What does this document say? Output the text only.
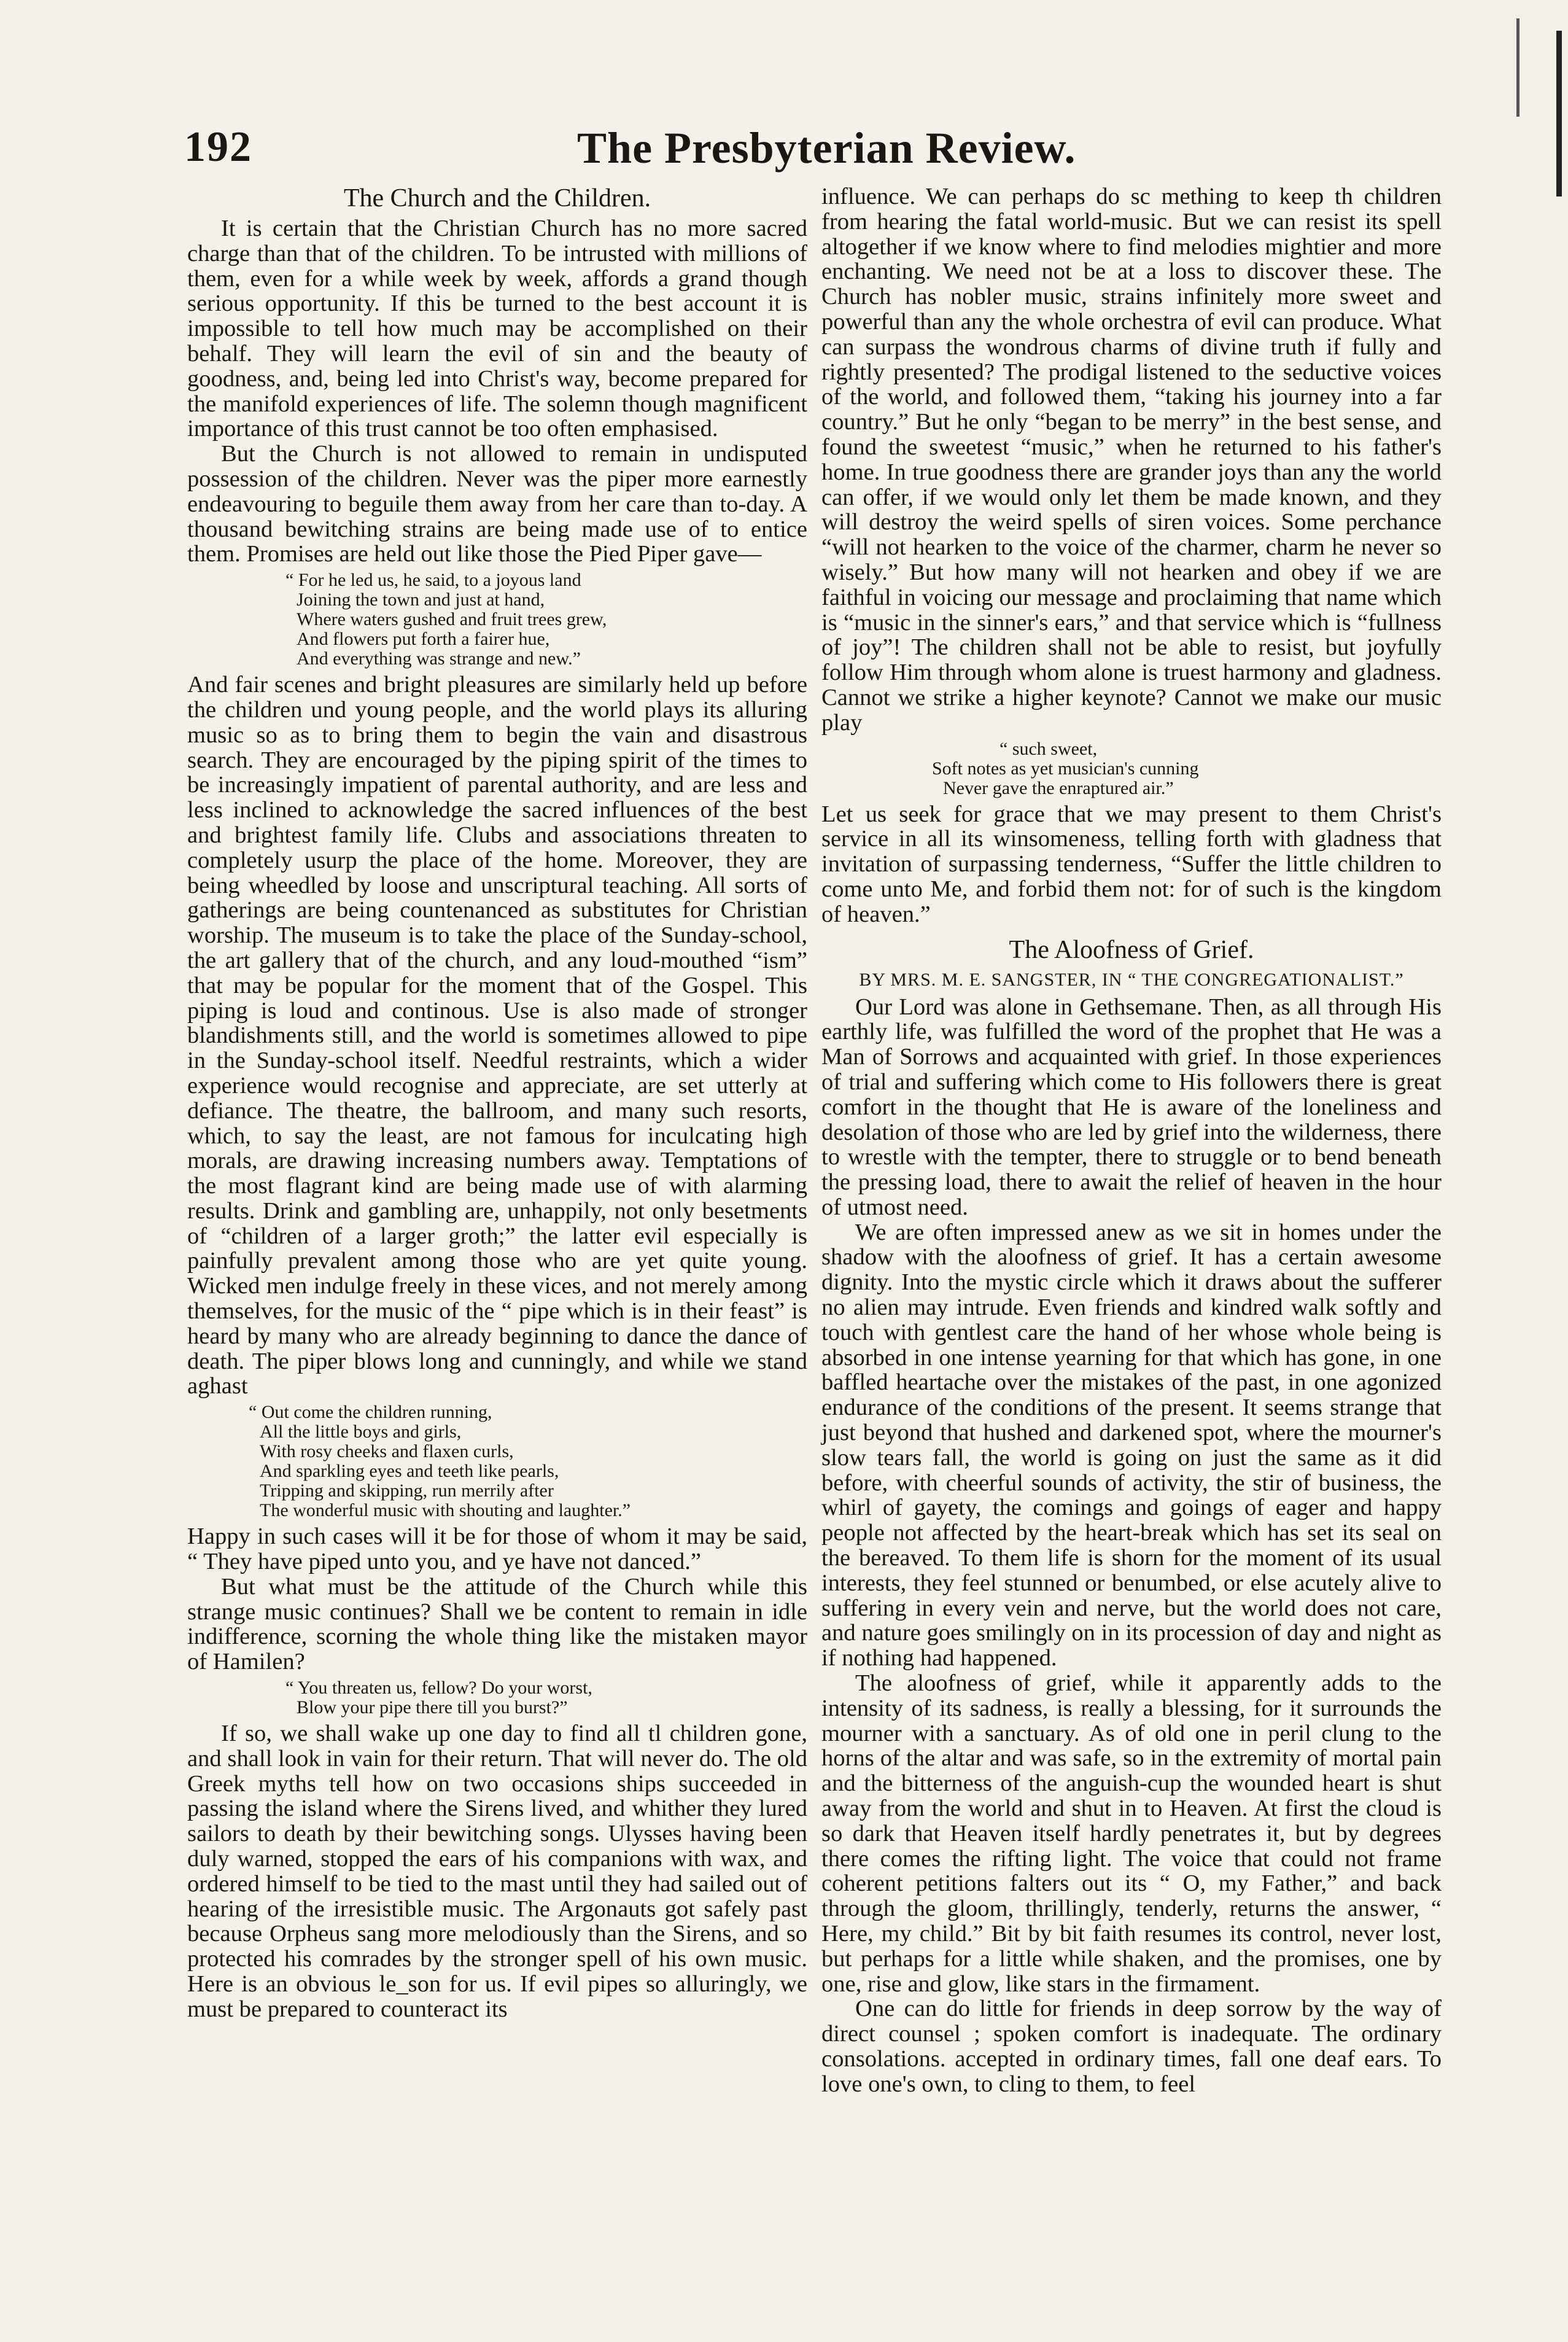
192	The Presbyterian Review.
The Church and the Children.

It is certain that the Christian Church has no more sacred charge than that of the children. To be intrusted with millions of them, even for a while week by week, affords a grand though serious opportunity. If this be turned to the best account it is impossible to tell how much may be accomplished on their behalf. They will learn the evil of sin and the beauty of goodness, and, being led into Christ's way, become prepared for the manifold experiences of life. The solemn though magnificent importance of this trust cannot be too often emphasised.

But the Church is not allowed to remain in undisputed possession of the children. Never was the piper more earnestly endeavouring to beguile them away from her care than to-day. A thousand bewitching strains are being made use of to entice them. Promises are held out like those the Pied Piper gave—

“ For he led us, he said, to a joyous land
Joining the town and just at hand,
Where waters gushed and fruit trees grew,
And flowers put forth a fairer hue,
And everything was strange and new.”

And fair scenes and bright pleasures are similarly held up before the children und young people, and the world plays its alluring music so as to bring them to begin the vain and disastrous search. They are encouraged by the piping spirit of the times to be increasingly impatient of parental authority, and are less and less inclined to acknowledge the sacred influences of the best and brightest family life. Clubs and associations threaten to completely usurp the place of the home. Moreover, they are being wheedled by loose and unscriptural teaching. All sorts of gatherings are being countenanced as substitutes for Christian worship. The museum is to take the place of the Sunday-school, the art gallery that of the church, and any loud-mouthed “ism” that may be popular for the moment that of the Gospel. This piping is loud and continous. Use is also made of stronger blandishments still, and the world is sometimes allowed to pipe in the Sunday-school itself. Needful restraints, which a wider experience would recognise and appreciate, are set utterly at defiance. The theatre, the ballroom, and many such resorts, which, to say the least, are not famous for inculcating high morals, are drawing increasing numbers away. Temptations of the most flagrant kind are being made use of with alarming results. Drink and gambling are, unhappily, not only besetments of “children of a larger groth;” the latter evil especially is painfully prevalent among those who are yet quite young. Wicked men indulge freely in these vices, and not merely among themselves, for the music of the “ pipe which is in their feast” is heard by many who are already beginning to dance the dance of death. The piper blows long and cunningly, and while we stand aghast

“ Out come the children running,
All the little boys and girls,
With rosy cheeks and flaxen curls,
And sparkling eyes and teeth like pearls,
Tripping and skipping, run merrily after
The wonderful music with shouting and laughter.”

Happy in such cases will it be for those of whom it may be said, “ They have piped unto you, and ye have not danced.”

But what must be the attitude of the Church while this strange music continues? Shall we be content to remain in idle indifference, scorning the whole thing like the mistaken mayor of Hamilen?

“ You threaten us, fellow? Do your worst,
Blow your pipe there till you burst?”

If so, we shall wake up one day to find all tl children gone, and shall look in vain for their return. That will never do. The old Greek myths tell how on two occasions ships succeeded in passing the island where the Sirens lived, and whither they lured sailors to death by their bewitching songs. Ulysses having been duly warned, stopped the ears of his companions with wax, and ordered himself to be tied to the mast until they had sailed out of hearing of the irresistible music. The Argonauts got safely past because Orpheus sang more melodiously than the Sirens, and so protected his comrades by the stronger spell of his own music. Here is an obvious le_son for us. If evil pipes so alluringly, we must be prepared to counteract its

influence. We can perhaps do sc mething to keep th children from hearing the fatal world-music. But we can resist its spell altogether if we know where to find melodies mightier and more enchanting. We need not be at a loss to discover these. The Church has nobler music, strains infinitely more sweet and powerful than any the whole orchestra of evil can produce. What can surpass the wondrous charms of divine truth if fully and rightly presented? The prodigal listened to the seductive voices of the world, and followed them, “taking his journey into a far country.” But he only “began to be merry” in the best sense, and found the sweetest “music,” when he returned to his father's home. In true goodness there are grander joys than any the world can offer, if we would only let them be made known, and they will destroy the weird spells of siren voices. Some perchance “will not hearken to the voice of the charmer, charm he never so wisely.” But how many will not hearken and obey if we are faithful in voicing our message and proclaiming that name which is “music in the sinner's ears,” and that service which is “fullness of joy”! The children shall not be able to resist, but joyfully follow Him through whom alone is truest harmony and gladness. Cannot we strike a higher keynote? Cannot we make our music play

“ such sweet,
Soft notes as yet musician's cunning
Never gave the enraptured air.”

Let us seek for grace that we may present to them Christ's service in all its winsomeness, telling forth with gladness that invitation of surpassing tenderness, “Suffer the little children to come unto Me, and forbid them not: for of such is the kingdom of heaven.”

The Aloofness of Grief.
BY MRS. M. E. SANGSTER, IN “ THE CONGREGATIONALIST.”

Our Lord was alone in Gethsemane. Then, as all through His earthly life, was fulfilled the word of the prophet that He was a Man of Sorrows and acquainted with grief. In those experiences of trial and suffering which come to His followers there is great comfort in the thought that He is aware of the loneliness and desolation of those who are led by grief into the wilderness, there to wrestle with the tempter, there to struggle or to bend beneath the pressing load, there to await the relief of heaven in the hour of utmost need.

We are often impressed anew as we sit in homes under the shadow with the aloofness of grief. It has a certain awesome dignity. Into the mystic circle which it draws about the sufferer no alien may intrude. Even friends and kindred walk softly and touch with gentlest care the hand of her whose whole being is absorbed in one intense yearning for that which has gone, in one baffled heartache over the mistakes of the past, in one agonized endurance of the conditions of the present. It seems strange that just beyond that hushed and darkened spot, where the mourner's slow tears fall, the world is going on just the same as it did before, with cheerful sounds of activity, the stir of business, the whirl of gayety, the comings and goings of eager and happy people not affected by the heart-break which has set its seal on the bereaved. To them life is shorn for the moment of its usual interests, they feel stunned or benumbed, or else acutely alive to suffering in every vein and nerve, but the world does not care, and nature goes smilingly on in its procession of day and night as if nothing had happened.

The aloofness of grief, while it apparently adds to the intensity of its sadness, is really a blessing, for it surrounds the mourner with a sanctuary. As of old one in peril clung to the horns of the altar and was safe, so in the extremity of mortal pain and the bitterness of the anguish-cup the wounded heart is shut away from the world and shut in to Heaven. At first the cloud is so dark that Heaven itself hardly penetrates it, but by degrees there comes the rifting light. The voice that could not frame coherent petitions falters out its “ O, my Father,” and back through the gloom, thrillingly, tenderly, returns the answer, “ Here, my child.” Bit by bit faith resumes its control, never lost, but perhaps for a little while shaken, and the promises, one by one, rise and glow, like stars in the firmament.

One can do little for friends in deep sorrow by the way of direct counsel ; spoken comfort is inadequate. The ordinary consolations. accepted in ordinary times, fall one deaf ears. To love one's own, to cling to them, to feel
